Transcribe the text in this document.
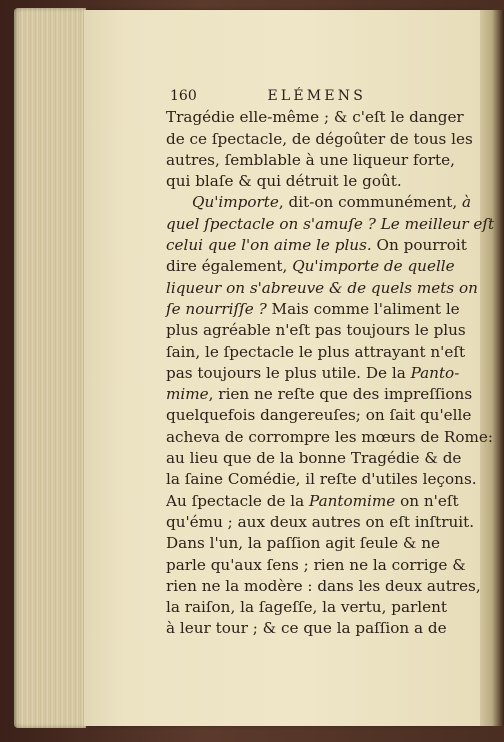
160	ELÉMENS
Tragédie elle-même ; & c'eſt le danger
de ce ſpectacle, de dégoûter de tous les
autres, ſemblable à une liqueur forte,
qui blaſe & qui détruit le goût.
Qu'importe, dit-on communément, à
quel ſpectacle on s'amuſe ? Le meilleur eſt
celui que l'on aime le plus. On pourroit
dire également, Qu'importe de quelle
liqueur on s'abreuve & de quels mets on
ſe nourriſſe ? Mais comme l'aliment le
plus agréable n'eſt pas toujours le plus
ſain, le ſpectacle le plus attrayant n'eſt
pas toujours le plus utile. De la Panto-
mime, rien ne reſte que des impreſſions
quelquefois dangereuſes; on ſait qu'elle
acheva de corrompre les mœurs de Rome:
au lieu que de la bonne Tragédie & de
la ſaine Comédie, il reſte d'utiles leçons.
Au ſpectacle de la Pantomime on n'eſt
qu'ému ; aux deux autres on eſt inſtruit.
Dans l'un, la paſſion agit ſeule & ne
parle qu'aux ſens ; rien ne la corrige &
rien ne la modère : dans les deux autres,
la raiſon, la ſageſſe, la vertu, parlent
à leur tour ; & ce que la paſſion a de
